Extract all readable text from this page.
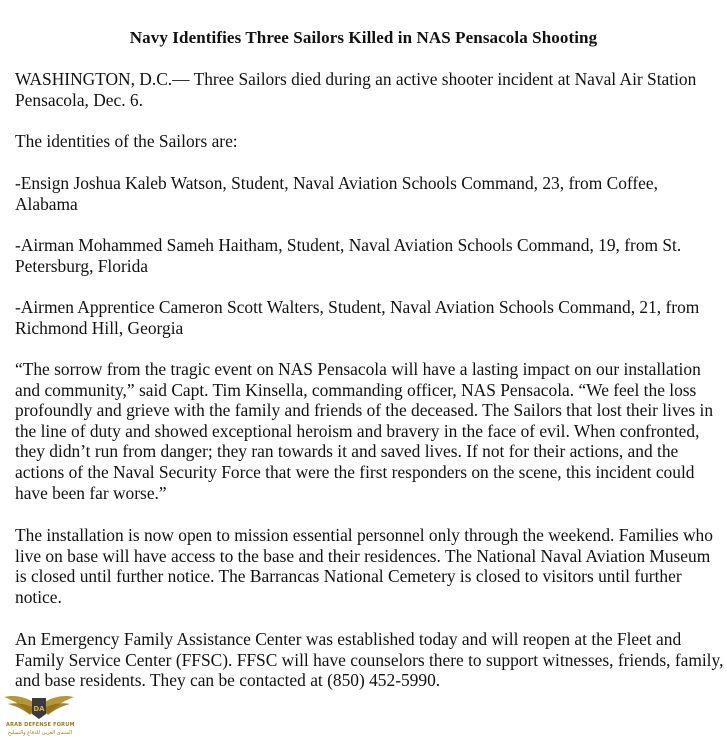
Navy Identifies Three Sailors Killed in NAS Pensacola Shooting
WASHINGTON, D.C.— Three Sailors died during an active shooter incident at Naval Air Station
Pensacola, Dec. 6.
The identities of the Sailors are:
-Ensign Joshua Kaleb Watson, Student, Naval Aviation Schools Command, 23, from Coffee,
Alabama
-Airman Mohammed Sameh Haitham, Student, Naval Aviation Schools Command, 19, from St.
Petersburg, Florida
-Airmen Apprentice Cameron Scott Walters, Student, Naval Aviation Schools Command, 21, from
Richmond Hill, Georgia
“The sorrow from the tragic event on NAS Pensacola will have a lasting impact on our installation
and community,” said Capt. Tim Kinsella, commanding officer, NAS Pensacola. “We feel the loss
profoundly and grieve with the family and friends of the deceased. The Sailors that lost their lives in
the line of duty and showed exceptional heroism and bravery in the face of evil. When confronted,
they didn’t run from danger; they ran towards it and saved lives. If not for their actions, and the
actions of the Naval Security Force that were the first responders on the scene, this incident could
have been far worse.”
The installation is now open to mission essential personnel only through the weekend. Families who
live on base will have access to the base and their residences. The National Naval Aviation Museum
is closed until further notice. The Barrancas National Cemetery is closed to visitors until further
notice.
An Emergency Family Assistance Center was established today and will reopen at the Fleet and
Family Service Center (FFSC). FFSC will have counselors there to support witnesses, friends, family,
and base residents. They can be contacted at (850) 452-5990.
DA
ARAB DEFENSE FORUM
المنتدى العربي للدفاع والتسليح
